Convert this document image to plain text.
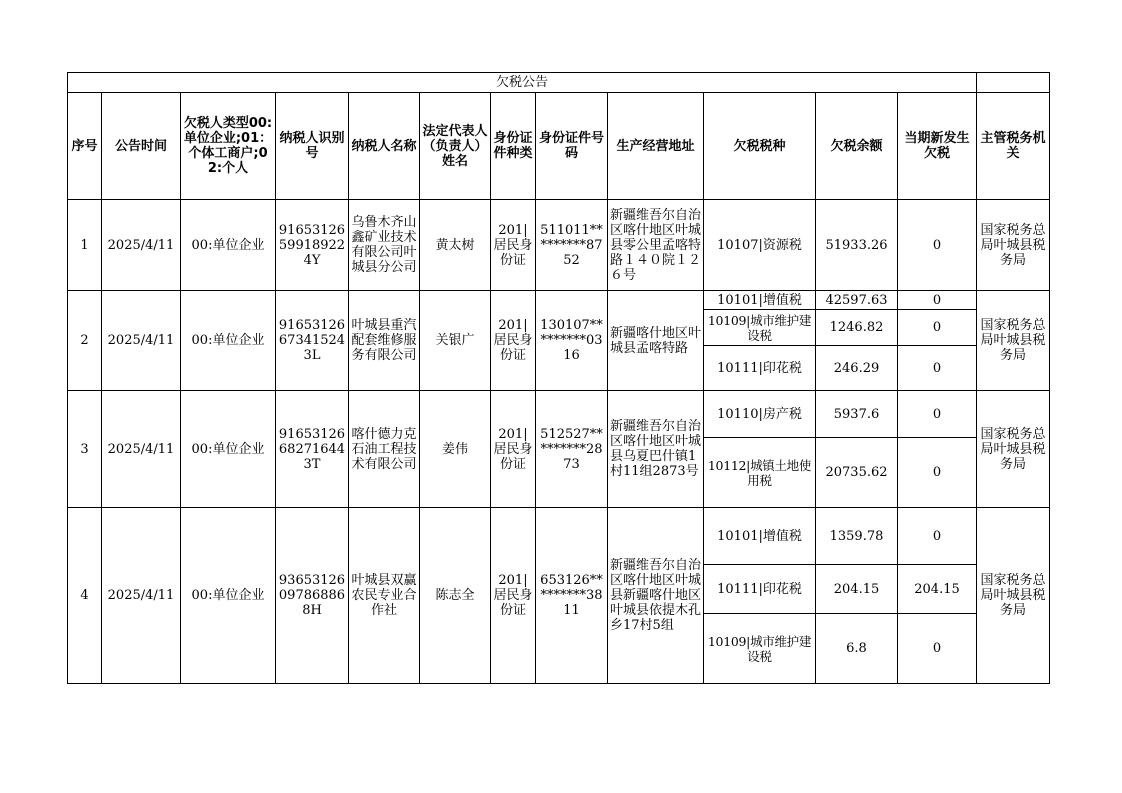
欠税公告												
序号	公告时间	欠税人类型00:单位企业;01：个体工商户;02:个人	纳税人识别号	纳税人名称	法定代表人（负责人）姓名	身份证件种类	身份证件号码	生产经营地址	欠税税种	欠税余额	当期新发生欠税	主管税务机关
1	2025/4/11	00:单位企业	91653126599189224Y	乌鲁木齐山鑫矿业技术有限公司叶城县分公司	黄太树	201|居民身份证	511011*********8752	新疆维吾尔自治区喀什地区叶城县零公里孟喀特路１４０院１２６号	10107|资源税	51933.26	0	国家税务总局叶城县税务局
2	2025/4/11	00:单位企业	91653126673415243L	叶城县重汽配套维修服务有限公司	关银广	201|居民身份证	130107*********0316	新疆喀什地区叶城县孟喀特路	10101|增值税	42597.63	0	国家税务总局叶城县税务局
									10109|城市维护建设税	1246.82	0	
									10111|印花税	246.29	0	
3	2025/4/11	00:单位企业	91653126682716443T	喀什德力克石油工程技术有限公司	姜伟	201|居民身份证	512527*********2873	新疆维吾尔自治区喀什地区叶城县乌夏巴什镇1村11组2873号	10110|房产税	5937.6	0	国家税务总局叶城县税务局
									10112|城镇土地使用税	20735.62	0	
4	2025/4/11	00:单位企业	93653126097868868H	叶城县双赢农民专业合作社	陈志全	201|居民身份证	653126*********3811	新疆维吾尔自治区喀什地区叶城县新疆喀什地区叶城县依提木孔乡17村5组	10101|增值税	1359.78	0	国家税务总局叶城县税务局
									10111|印花税	204.15	204.15	
									10109|城市维护建设税	6.8	0	
